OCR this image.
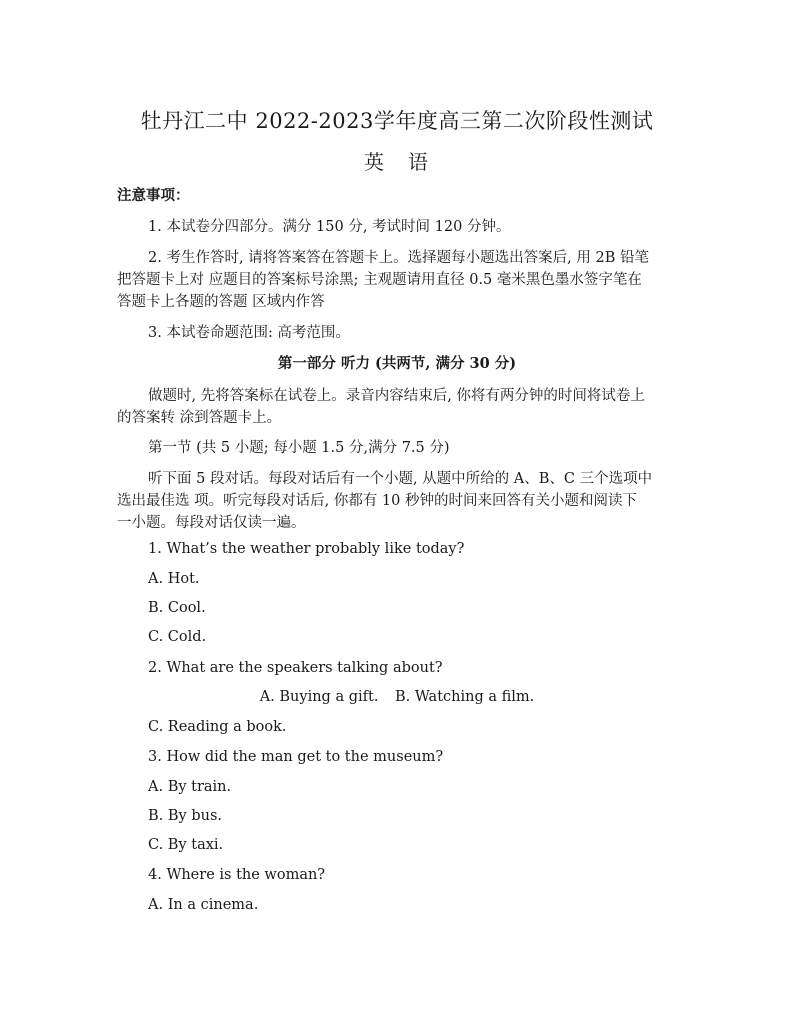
牡丹江二中 2022-2023学年度高三第二次阶段性测试
英　语
注意事项：
1. 本试卷分四部分。满分 150 分, 考试时间 120 分钟。
2. 考生作答时, 请将答案答在答题卡上。选择题每小题选出答案后, 用 2B 铅笔
把答题卡上对 应题目的答案标号涂黑; 主观题请用直径 0.5 毫米黑色墨水签字笔在
答题卡上各题的答题 区域内作答
3. 本试卷命题范围: 高考范围。
第一部分 听力 (共两节, 满分 30 分)
做题时, 先将答案标在试卷上。录音内容结束后, 你将有两分钟的时间将试卷上
的答案转 涂到答题卡上。
第一节 (共 5 小题; 每小题 1.5 分,满分 7.5 分)
听下面 5 段对话。每段对话后有一个小题, 从题中所给的 A、B、C 三个选项中
选出最佳选 项。听完每段对话后, 你都有 10 秒钟的时间来回答有关小题和阅读下
一小题。每段对话仅读一遍。
1. What’s the weather probably like today?
A. Hot.
B. Cool.
C. Cold.
2. What are the speakers talking about?
A. Buying a gift. B. Watching a film.
C. Reading a book.
3. How did the man get to the museum?
A. By train.
B. By bus.
C. By taxi.
4. Where is the woman?
A. In a cinema.
